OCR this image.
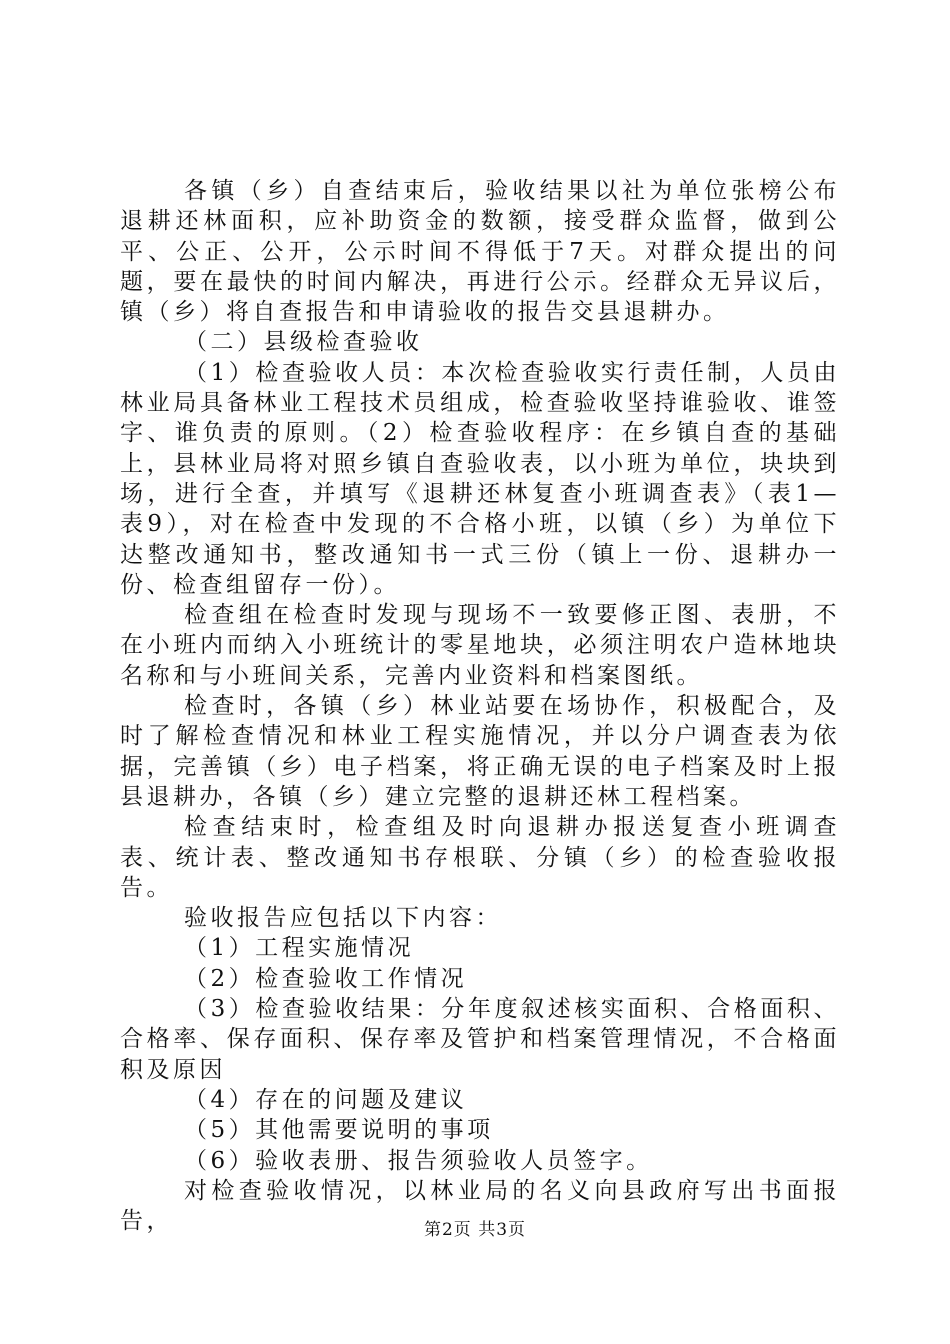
各镇（乡）自查结束后，验收结果以社为单位张榜公布退耕还林面积，应补助资金的数额，接受群众监督，做到公平、公正、公开，公示时间不得低于7天。对群众提出的问题，要在最快的时间内解决，再进行公示。经群众无异议后，镇（乡）将自查报告和申请验收的报告交县退耕办。

（二）县级检查验收

（1）检查验收人员：本次检查验收实行责任制，人员由林业局具备林业工程技术员组成，检查验收坚持谁验收、谁签字、谁负责的原则。（2）检查验收程序：在乡镇自查的基础上，县林业局将对照乡镇自查验收表，以小班为单位，块块到场，进行全查，并填写《退耕还林复查小班调查表》（表1—表9），对在检查中发现的不合格小班，以镇（乡）为单位下达整改通知书，整改通知书一式三份（镇上一份、退耕办一份、检查组留存一份）。

检查组在检查时发现与现场不一致要修正图、表册，不在小班内而纳入小班统计的零星地块，必须注明农户造林地块名称和与小班间关系，完善内业资料和档案图纸。

检查时，各镇（乡）林业站要在场协作，积极配合，及时了解检查情况和林业工程实施情况，并以分户调查表为依据，完善镇（乡）电子档案，将正确无误的电子档案及时上报县退耕办，各镇（乡）建立完整的退耕还林工程档案。

检查结束时，检查组及时向退耕办报送复查小班调查表、统计表、整改通知书存根联、分镇（乡）的检查验收报告。

验收报告应包括以下内容：

（1）工程实施情况

（2）检查验收工作情况

（3）检查验收结果：分年度叙述核实面积、合格面积、合格率、保存面积、保存率及管护和档案管理情况，不合格面积及原因

（4）存在的问题及建议

（5）其他需要说明的事项

（6）验收表册、报告须验收人员签字。

对检查验收情况，以林业局的名义向县政府写出书面报告，	第2页 共3页
